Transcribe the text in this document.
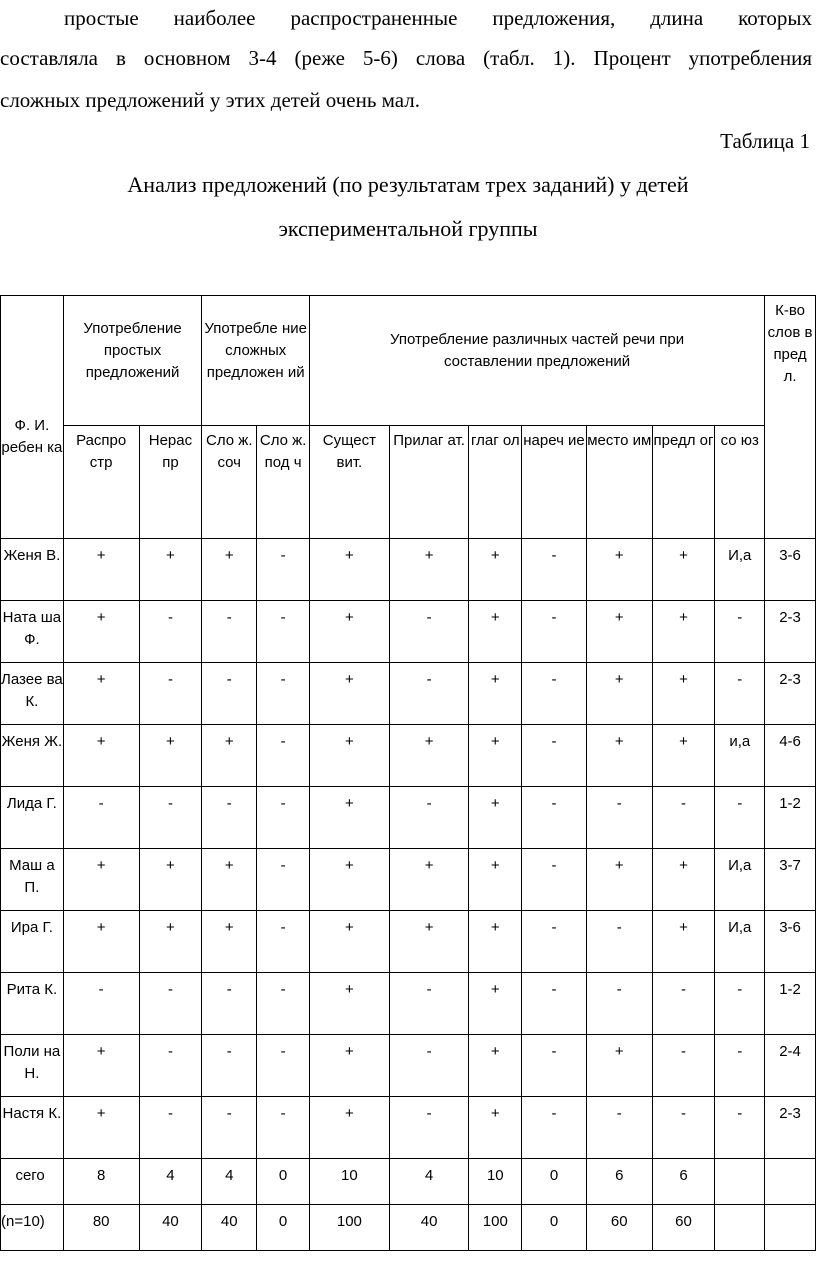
простые наиболее распространенные предложения, длина которых
составляла в основном 3-4 (реже 5-6) слова (табл. 1). Процент употребления
сложных предложений у этих детей очень мал.
Таблица 1
Анализ предложений (по результатам трех заданий) у детей
экспериментальной группы
Ф. И. ребен ка	Употребление простых предложений		Употребле ние сложных предложен ий		Употребление различных частей речи при составлении предложений							К-во слов в пред л.
	Распро стр	Нерас пр	Сло ж. соч	Сло ж. под ч	Сущест вит.	Прилаг ат.	глаг ол	нареч ие	место им	предл ог	со юз	
Женя В.	+	+	+	-	+	+	+	-	+	+	И,а	3-6
Ната ша Ф.	+	-	-	-	+	-	+	-	+	+	-	2-3
Лазее ва К.	+	-	-	-	+	-	+	-	+	+	-	2-3
Женя Ж.	+	+	+	-	+	+	+	-	+	+	и,а	4-6
Лида Г.	-	-	-	-	+	-	+	-	-	-	-	1-2
Маш а П.	+	+	+	-	+	+	+	-	+	+	И,а	3-7
Ира Г.	+	+	+	-	+	+	+	-	-	+	И,а	3-6
Рита К.	-	-	-	-	+	-	+	-	-	-	-	1-2
Поли на Н.	+	-	-	-	+	-	+	-	+	-	-	2-4
Настя К.	+	-	-	-	+	-	+	-	-	-	-	2-3
сего	8	4	4	0	10	4	10	0	6	6		
(n=10)	80	40	40	0	100	40	100	0	60	60		
